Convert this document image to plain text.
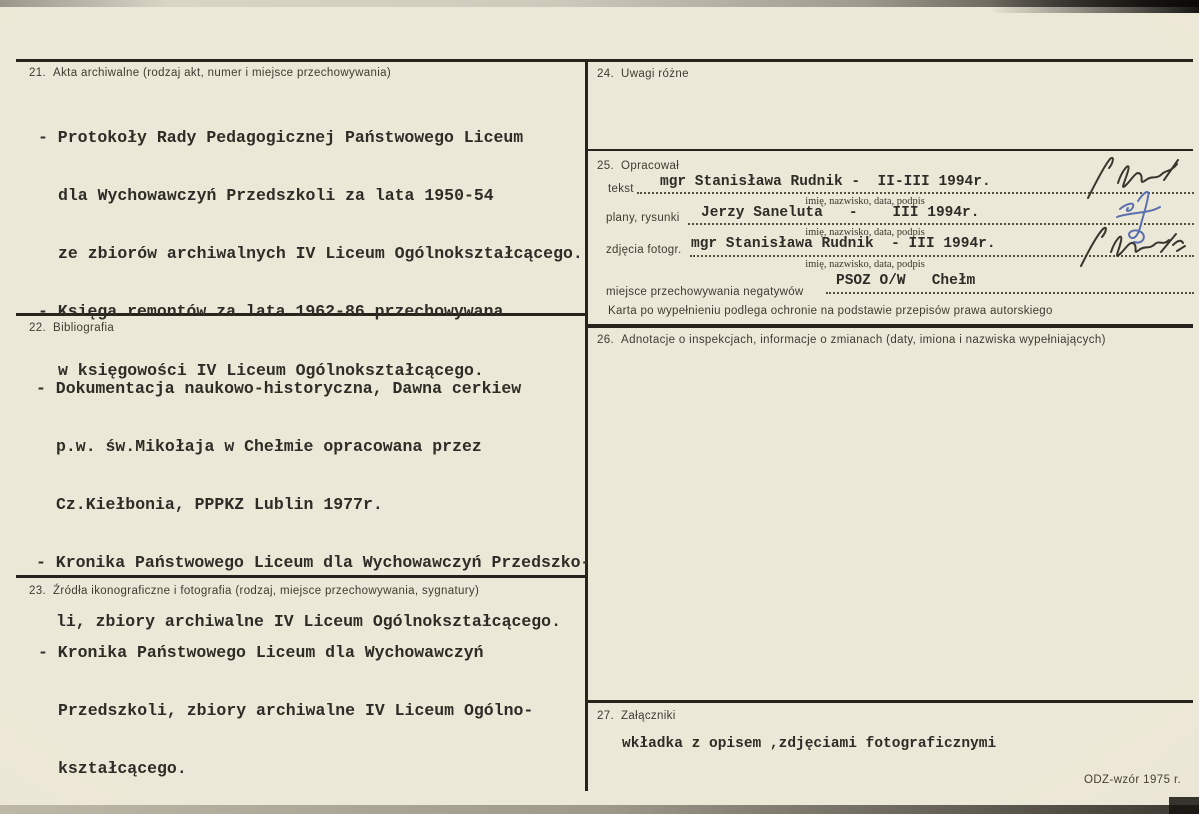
21. Akta archiwalne (rodzaj akt, numer i miejsce przechowywania)

- Protokoły Rady Pedagogicznej Państwowego Liceum

dla Wychowawczyń Przedszkoli za lata 1950-54

ze zbiorów archiwalnych IV Liceum Ogólnokształcącego.

- Księga remontów za lata 1962-86 przechowywana

w księgowości IV Liceum Ogólnokształcącego.

22. Bibliografia

- Dokumentacja naukowo-historyczna, Dawna cerkiew

p.w. św.Mikołaja w Chełmie opracowana przez

Cz.Kiełbonia, PPPKZ Lublin 1977r.

- Kronika Państwowego Liceum dla Wychowawczyń Przedszko-

li, zbiory archiwalne IV Liceum Ogólnokształcącego.

23. Źródła ikonograficzne i fotografia (rodzaj, miejsce przechowywania, sygnatury)

- Kronika Państwowego Liceum dla Wychowawczyń

Przedszkoli, zbiory archiwalne IV Liceum Ogólno-

kształcącego.

24. Uwagi różne
25. Opracował
tekst mgr Stanisława Rudnik -  II-III 1994r.
imię, nazwisko, data, podpis
plany, rysunki Jerzy Saneluta   -    III 1994r.
imię, nazwisko, data, podpis
zdjęcia fotogr. mgr Stanisława Rudnik  - III 1994r.
imię, nazwisko, data, podpis
miejsce przechowywania negatywów
PSOZ O/W   Chełm
Karta po wypełnieniu podlega ochronie na podstawie przepisów prawa autorskiego
26. Adnotacje o inspekcjach, informacje o zmianach (daty, imiona i nazwiska wypełniających)
27. Załączniki
wkładka z opisem ,zdjęciami fotograficznymi
ODZ-wzór 1975 r.
